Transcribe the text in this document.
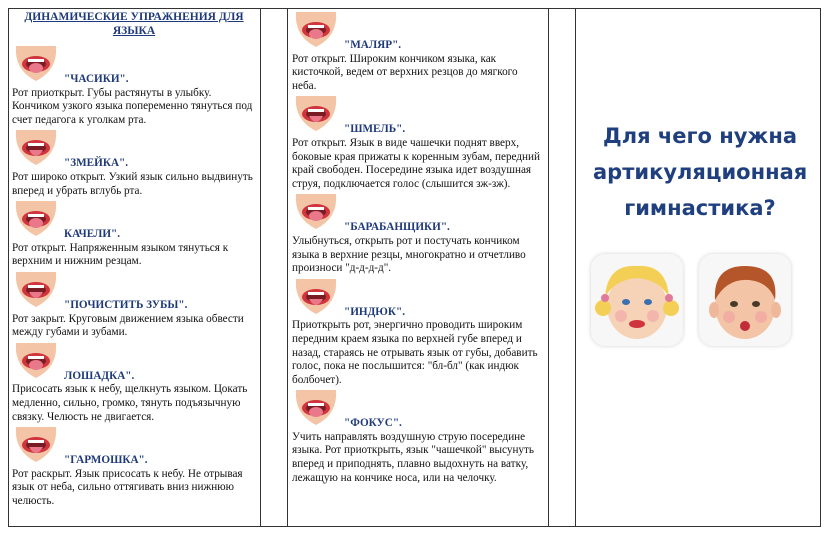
ДИНАМИЧЕСКИЕ УПРАЖНЕНИЯ ДЛЯ ЯЗЫКА
"ЧАСИКИ".

Рот приоткрыт. Губы растянуты в улыбку. Кончиком узкого языка попеременно тянуться под счет педагога к уголкам рта.

"ЗМЕЙКА".

Рот широко открыт. Узкий язык сильно выдвинуть вперед и убрать вглубь рта.

КАЧЕЛИ".

Рот открыт. Напряженным языком тянуться к верхним и нижним резцам.

"ПОЧИСТИТЬ ЗУБЫ".

Рот закрыт. Круговым движением языка обвести между губами и зубами.

ЛОШАДКА".

Присосать язык к небу, щелкнуть языком. Цокать медленно, сильно, громко, тянуть подъязычную связку. Челюсть не двигается.

"ГАРМОШКА".

Рот раскрыт. Язык присосать к небу. Не отрывая язык от неба, сильно оттягивать вниз нижнюю челюсть.

"МАЛЯР".

Рот открыт. Широким кончиком языка, как кисточкой, ведем от верхних резцов до мягкого неба.

"ШМЕЛЬ".

Рот открыт. Язык в виде чашечки поднят вверх, боковые края прижаты к коренным зубам, передний край свободен. Посередине языка идет воздушная струя, подключается голос (слышится зж-зж).

"БАРАБАНЩИКИ".

Улыбнуться, открыть рот и постучать кончиком языка в верхние резцы, многократно и отчетливо произноси "д-д-д-д".

"ИНДЮК".

Приоткрыть рот, энергично проводить широким передним краем языка по верхней губе вперед и назад, стараясь не отрывать язык от губы, добавить голос, пока не послышится: "бл-бл" (как индюк болбочет).

"ФОКУС".

Учить направлять воздушную струю посередине языка. Рот приоткрыть, язык "чашечкой" высунуть вперед и приподнять, плавно выдохнуть на ватку, лежащую на кончике носа, или на челочку.

Для чего нужна артикуляционная гимнастика?
